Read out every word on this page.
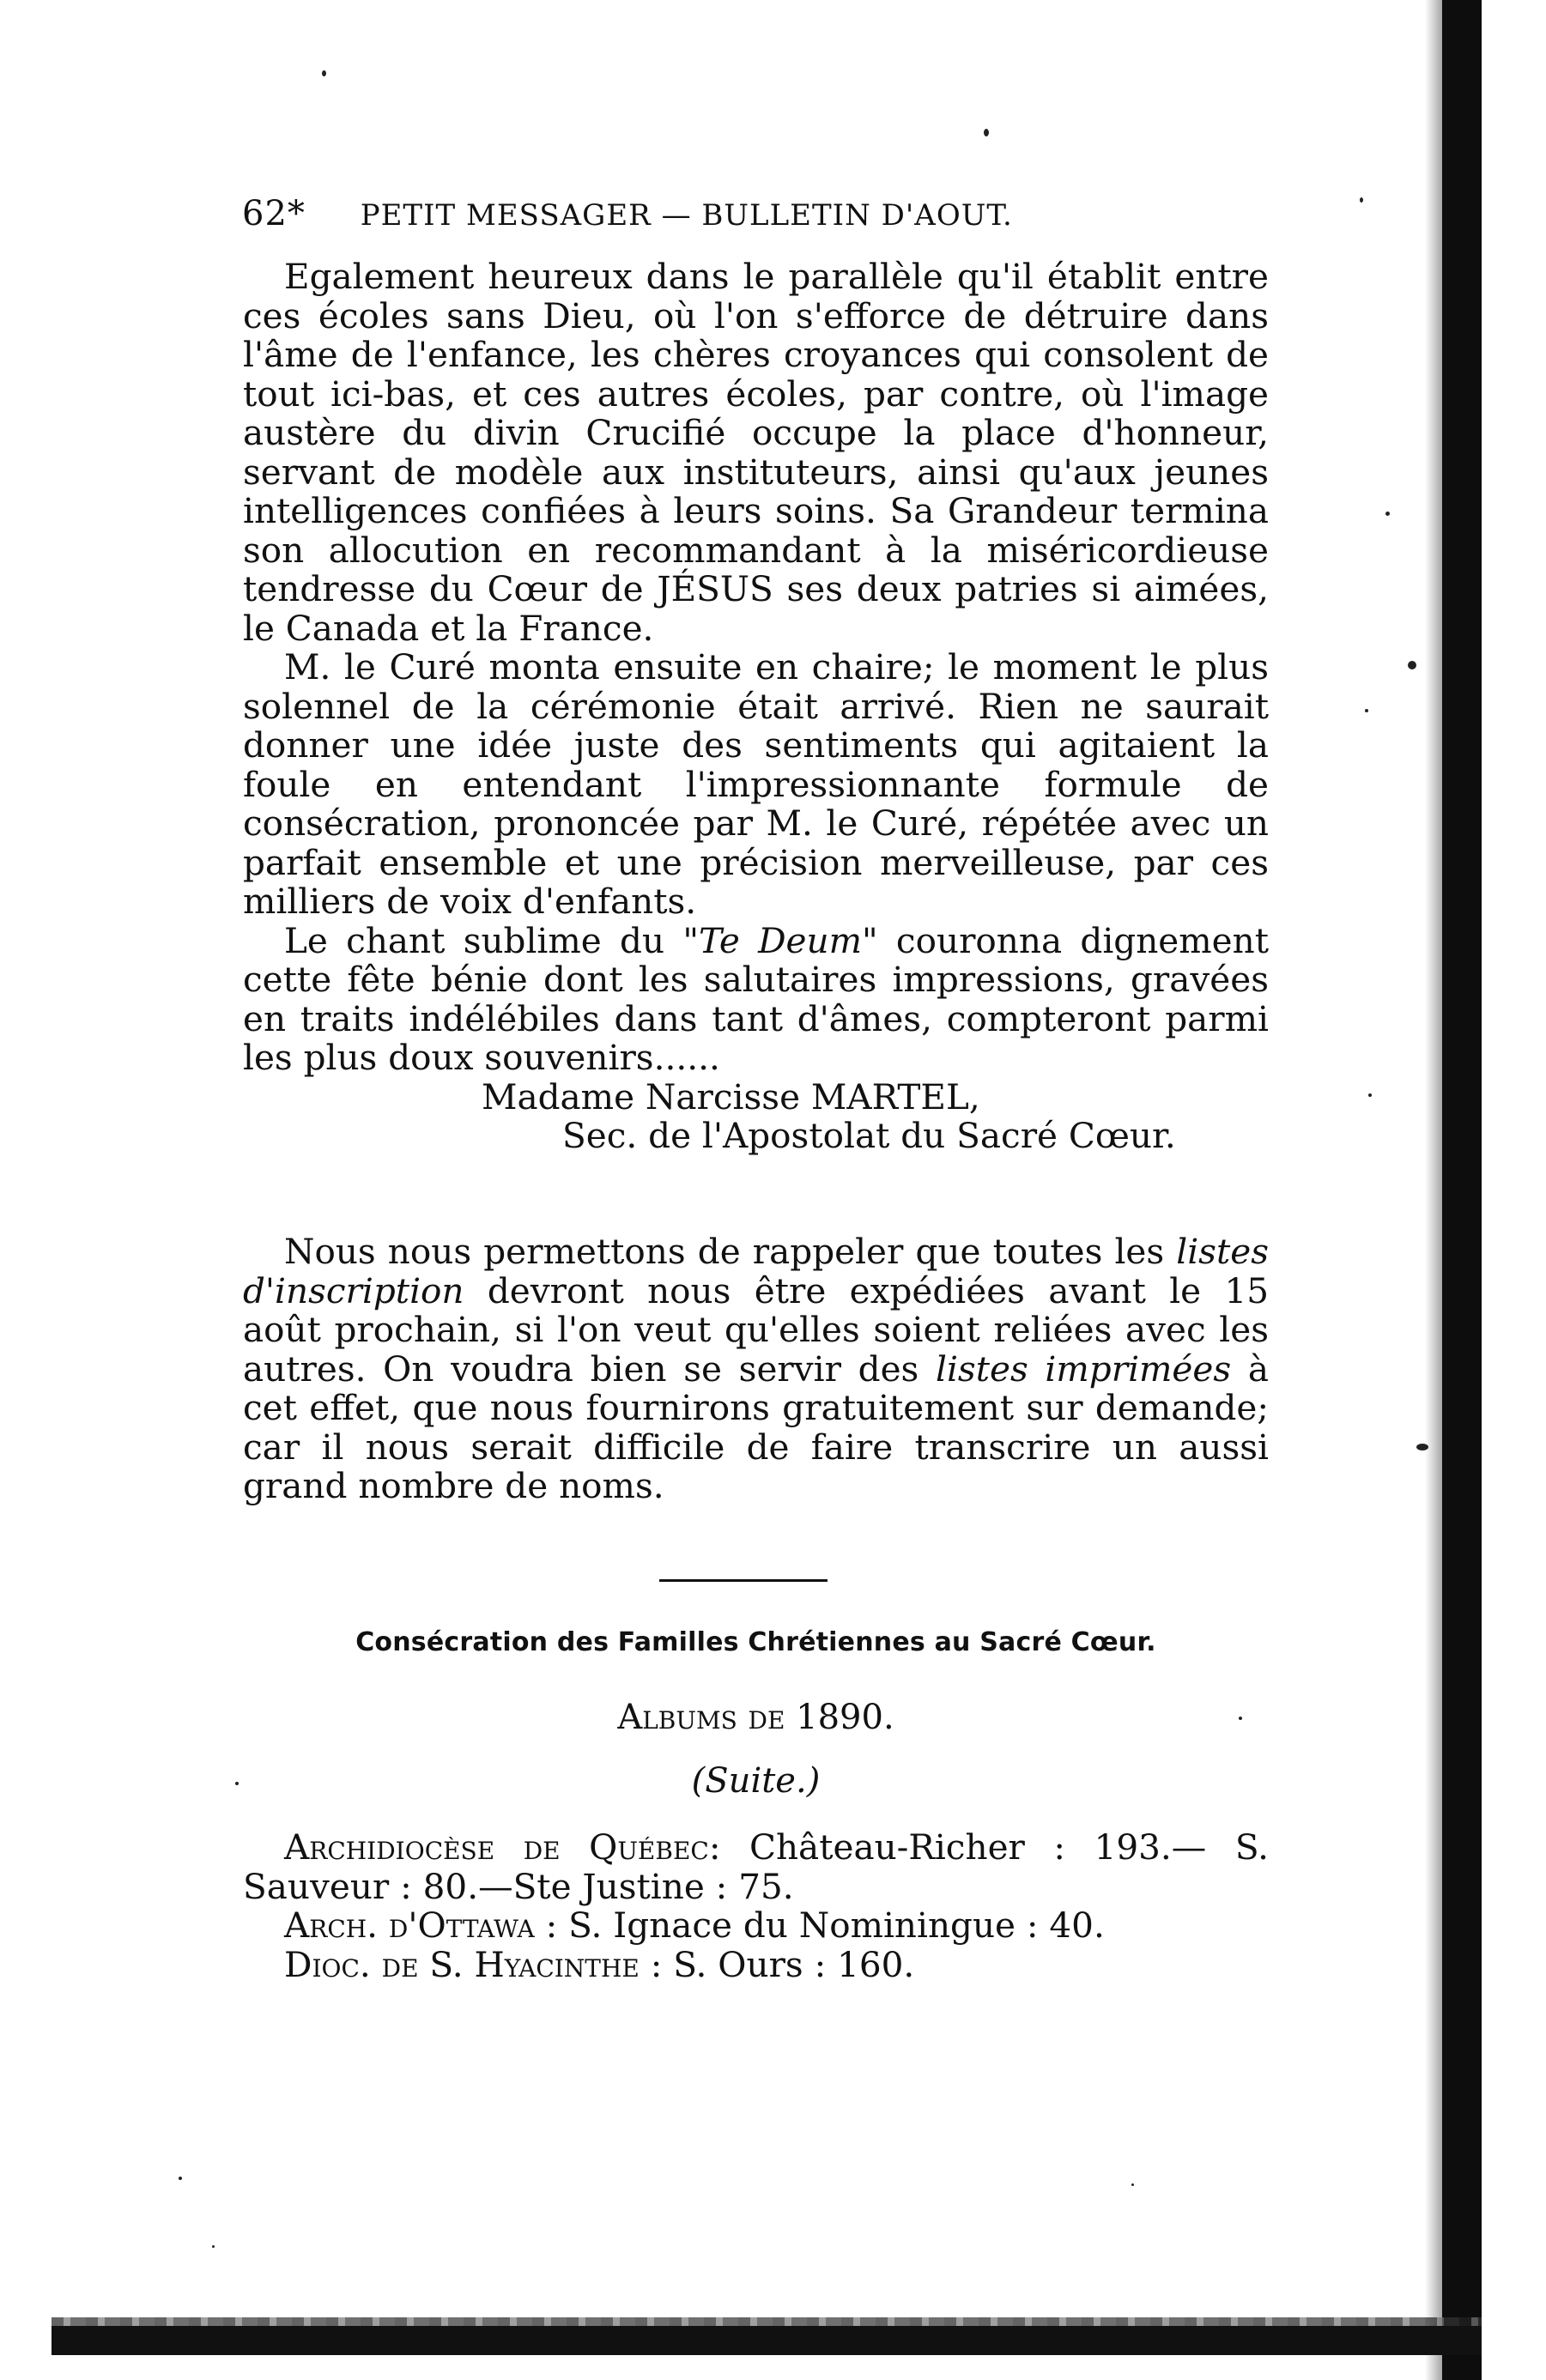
62* PETIT MESSAGER — BULLETIN D'AOUT.

Egalement heureux dans le parallèle qu'il établit entre ces écoles sans Dieu, où l'on s'efforce de détruire dans l'âme de l'enfance, les chères croyances qui consolent de tout ici-bas, et ces autres écoles, par contre, où l'image austère du divin Crucifié occupe la place d'honneur, servant de modèle aux instituteurs, ainsi qu'aux jeunes intelligences confiées à leurs soins. Sa Grandeur termina son allocution en recommandant à la miséricordieuse tendresse du Cœur de JÉSUS ses deux patries si aimées, le Canada et la France.

M. le Curé monta ensuite en chaire; le moment le plus solennel de la cérémonie était arrivé. Rien ne saurait donner une idée juste des sentiments qui agitaient la foule en entendant l'impressionnante formule de consécration, prononcée par M. le Curé, répétée avec un parfait ensemble et une précision merveilleuse, par ces milliers de voix d'enfants.

Le chant sublime du "Te Deum" couronna dignement cette fête bénie dont les salutaires impressions, gravées en traits indélébiles dans tant d'âmes, compteront parmi les plus doux souvenirs......

Madame Narcisse MARTEL,
Sec. de l'Apostolat du Sacré Cœur.

Nous nous permettons de rappeler que toutes les listes d'inscription devront nous être expédiées avant le 15 août prochain, si l'on veut qu'elles soient reliées avec les autres. On voudra bien se servir des listes imprimées à cet effet, que nous fournirons gratuitement sur demande; car il nous serait difficile de faire transcrire un aussi grand nombre de noms.

Consécration des Familles Chrétiennes au Sacré Cœur.
Albums de 1890.
(Suite.)

Archidiocèse de Québec: Château-Richer : 193.— S. Sauveur : 80.—Ste Justine : 75.

Arch. d'Ottawa : S. Ignace du Nominingue : 40.

Dioc. de S. Hyacinthe : S. Ours : 160.
